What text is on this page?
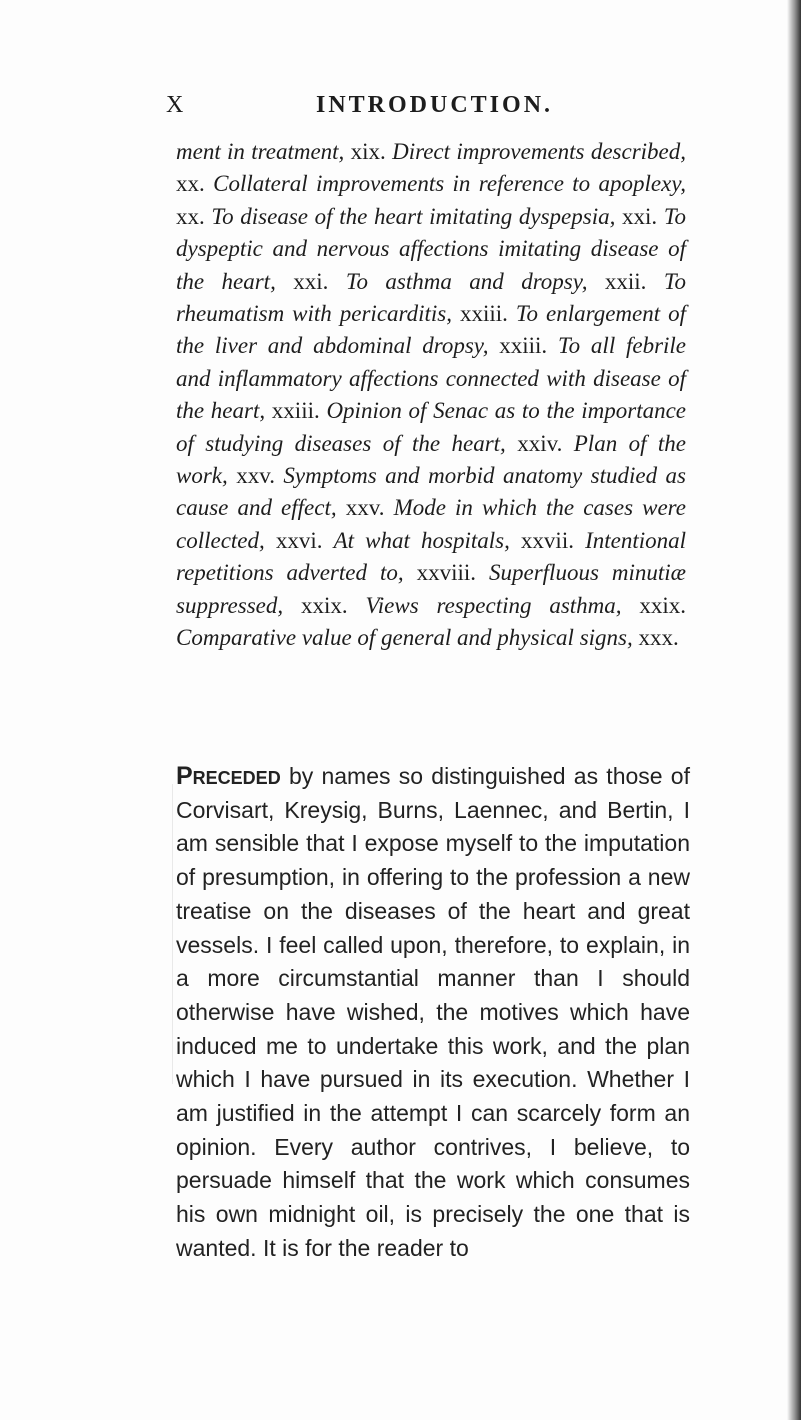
X	INTRODUCTION.

ment in treatment, xix. Direct improvements described, xx. Collateral improvements in reference to apoplexy, xx. To disease of the heart imitating dyspepsia, xxi. To dyspeptic and nervous affections imitating disease of the heart, xxi. To asthma and dropsy, xxii. To rheumatism with pericarditis, xxiii. To enlargement of the liver and abdominal dropsy, xxiii. To all febrile and inflammatory affections connected with disease of the heart, xxiii. Opinion of Senac as to the importance of studying diseases of the heart, xxiv. Plan of the work, xxv. Symptoms and morbid anatomy studied as cause and effect, xxv. Mode in which the cases were collected, xxvi. At what hospitals, xxvii. Intentional repetitions adverted to, xxviii. Superfluous minutiæ suppressed, xxix. Views respecting asthma, xxix. Comparative value of general and physical signs, xxx.

Preceded by names so distinguished as those of Corvisart, Kreysig, Burns, Laennec, and Bertin, I am sensible that I expose myself to the imputation of presumption, in offering to the profession a new treatise on the diseases of the heart and great vessels. I feel called upon, therefore, to explain, in a more circumstantial manner than I should otherwise have wished, the motives which have induced me to undertake this work, and the plan which I have pursued in its execution. Whether I am justified in the attempt I can scarcely form an opinion. Every author contrives, I believe, to persuade himself that the work which consumes his own midnight oil, is precisely the one that is wanted. It is for the reader to
